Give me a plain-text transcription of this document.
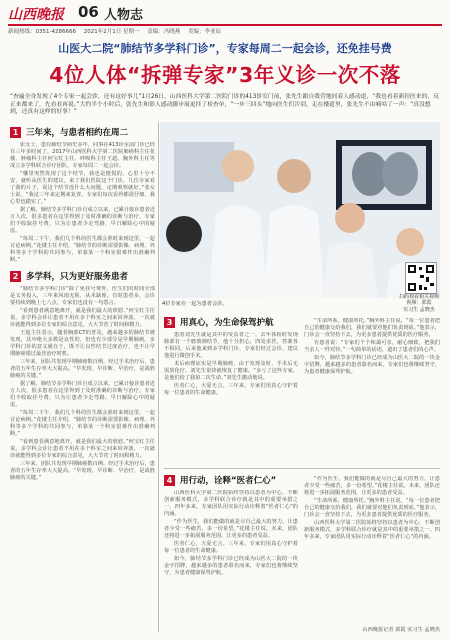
山西晚报 06 人物志
新闻热线：0351-4286666 2021年2月1日 星期一 责编：冯晓燕 美编：李亚辰
山医大二院“肺结节多学科门诊”，专家每周二一起会诊，还免挂号费
4位人体“拆弹专家”3年义诊一次不落
“查遍全身发现了4个专家一起会诊，还有这好事儿”1月26日，山西医科大学第二医院门诊的413诊室门前，张先生跟自我营地间着人感动道，“我也看着新挂医来的，反正来都来了，先看看再说。”大约半个小时后，张先生和影人感动脚步展更挂了检查单，“一步三回头”地向医生们告别，走在楼道里，张先生不由嘀咕了一声：“真没想到，还真有这样的好事！”
1 三年来，与患者相约在周二

张女士，患有肺结节病史多年，同事在413诊室前门诊已经有三年多时间了。2017年山西医科大学第二医院肺癌科主任花楼、肿瘤科主任何宝红主任、呼吸科主任王超、胸外科主任等成立多学科联合诊疗团队，专家每周二一起会诊。

“哪里突然发现了这个结节，我也是挺慌的，心里十分不安，就听从医生的建议，来了我们医院这个门诊，几位专家看了我的片子，说这个结节没什么大问题，定期观察就好。”张女士说，“我这三年来定期来复查，专家们每次看得都很仔细，我心里也踏实了。”

据了解，肺结节多学科门诊自成立以来，已累计接诊患者近万人次，很多患者在这里得到了及时准确的诊断与治疗。专家们不收取挂号费，只为让患者少走弯路，早日解除心中的疑虑。

“每周二下午，我们几个科的医生都会准时来到这里，一起讨论病例。”花楼主任介绍，“肺结节的诊断需要影像、病理、外科等多个学科的共同参与，单靠某一个科室很难作出准确判断。”

2 多学科，只为更好服务患者

“肺结节多学科门诊”除了免挂号费外，医生们的时间全部是义务投入，三年来风雨无阻，从未缺席。有时患者多，会诊要持续到晚上七八点，专家们也没有一句怨言。

“看到患者满意地离开，就是我们最大的欣慰。”何宝红主任说。多学科会诊让患者不用在多个科室之间来回奔波，一次就诊就能得到多位专家的综合意见，大大节省了时间和精力。

王超主任表示，随着胸部CT的普及，越来越多的肺结节被发现，其中绝大多数是良性的，但也有少部分是早期肺癌。多学科门诊的意义就在于，既不让良性结节过度治疗，也不让早期肺癌错过最佳治疗时机。

三年来，团队共发现早期肺癌数百例，经过手术治疗后，患者的五年生存率大大提高。“早发现、早诊断、早治疗，是战胜肺癌的关键。”

据了解，肺结节多学科门诊自成立以来，已累计接诊患者近万人次，很多患者在这里得到了及时准确的诊断与治疗。专家们不收取挂号费，只为让患者少走弯路，早日解除心中的疑虑。

“每周二下午，我们几个科的医生都会准时来到这里，一起讨论病例。”花楼主任介绍，“肺结节的诊断需要影像、病理、外科等多个学科的共同参与，单靠某一个科室很难作出准确判断。”

“看到患者满意地离开，就是我们最大的欣慰。”何宝红主任说。多学科会诊让患者不用在多个科室之间来回奔波，一次就诊就能得到多位专家的综合意见，大大节省了时间和精力。

三年来，团队共发现早期肺癌数百例，经过手术治疗后，患者的五年生存率大大提高。“早发现、早诊断、早治疗，是战胜肺癌的关键。”

4位专家在一起为患者会诊。
扫码观看相关视频
视频：郭霞
实习生 孟晓杰
3 用真心，为生命保驾护航

患者刘先生就是其中的受益者之一。去年体检时发现肺部有一个磨玻璃结节，他十分担心，四处求医，答案各不相同。后来他来到多学科门诊，专家们经过会诊，建议他进行微创手术。

术后病理证实是早期肺癌，由于发现及时，手术后无需放化疗，刘先生很快就恢复了健康。“多亏了这些专家，是他们给了我第二次生命。”刘先生激动地说。

医者仁心，大爱无言。三年来，专家们用真心守护着每一位患者的生命健康。

“生命所系，健康所托。”胸外科主任说，“每一位患者把自己的健康交给我们，我们就要对他们负责到底。”他表示，门诊会一直坚持下去，为更多患者提供优质的医疗服务。

有患者说：“专家们个个和蔼可亲，耐心细致，把我们当亲人一样对待。”一句简单的话语，道出了患者们的心声。

如今，肺结节多学科门诊已经成为山医大二院的一块金字招牌，越来越多的患者慕名而来，专家们也将继续坚守，为患者健康保驾护航。

4 用行动，诠释“医者仁心”

山西医科大学第二医院始终坚持以患者为中心，不断创新服务模式，多学科联合诊疗就是其中的重要举措之一。四年多来，专家团队用实际行动诠释着“医者仁心”的内涵。

“作为医生，我们能做的就是尽自己最大的努力，让患者少受一些痛苦，多一份希望。”花楼主任说。未来，团队还将进一步拓展服务范围，让更多的患者受益。

医者仁心，大爱无言。三年来，专家们用真心守护着每一位患者的生命健康。

如今，肺结节多学科门诊已经成为山医大二院的一块金字招牌，越来越多的患者慕名而来，专家们也将继续坚守，为患者健康保驾护航。

“作为医生，我们能做的就是尽自己最大的努力，让患者少受一些痛苦，多一份希望。”花楼主任说。未来，团队还将进一步拓展服务范围，让更多的患者受益。

“生命所系，健康所托。”胸外科主任说，“每一位患者把自己的健康交给我们，我们就要对他们负责到底。”他表示，门诊会一直坚持下去，为更多患者提供优质的医疗服务。

山西医科大学第二医院始终坚持以患者为中心，不断创新服务模式，多学科联合诊疗就是其中的重要举措之一。四年多来，专家团队用实际行动诠释着“医者仁心”的内涵。

山西晚报记者 郭霞 实习生 孟晓杰
